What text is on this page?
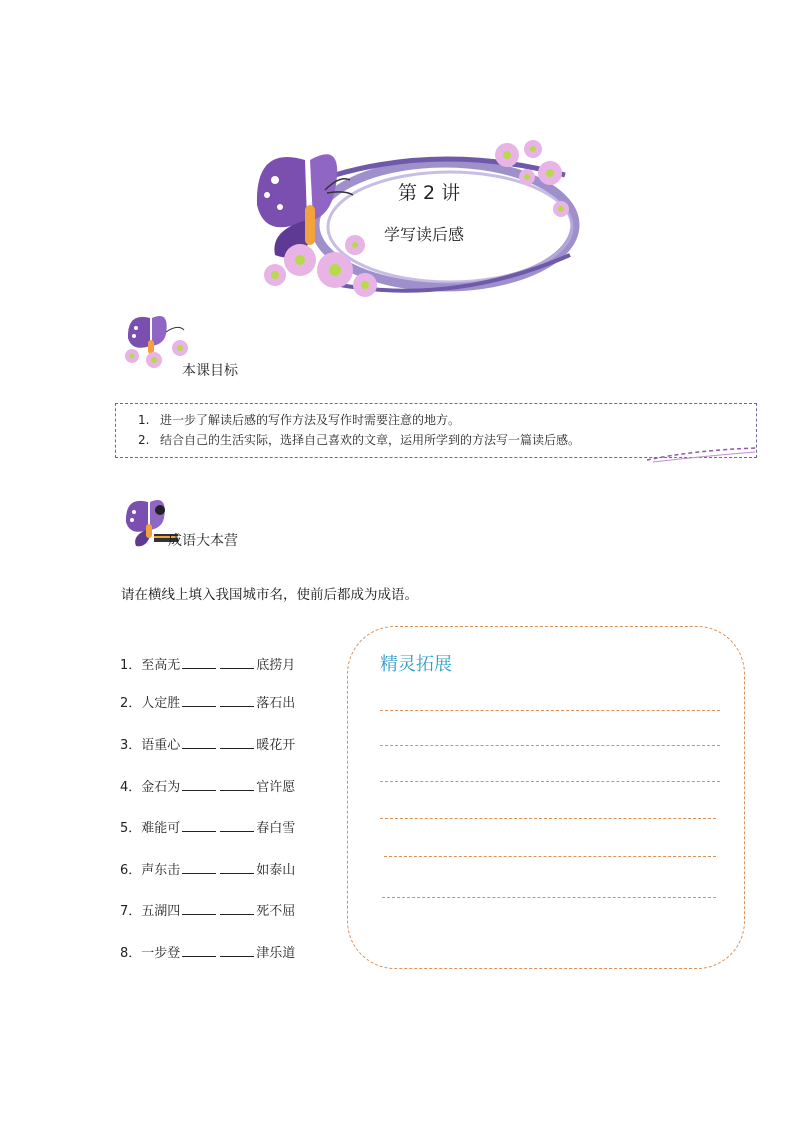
第 2 讲
学写读后感
本课目标
1. 进一步了解读后感的写作方法及写作时需要注意的地方。
2. 结合自己的生活实际，选择自己喜欢的文章，运用所学到的方法写一篇读后感。
成语大本营
请在横线上填入我国城市名，使前后都成为成语。
1．至高无	底捞月
2．人定胜	落石出
3．语重心	暖花开
4．金石为	官许愿
5．难能可	春白雪
6．声东击	如泰山
7．五湖四	死不屈
8．一步登	津乐道
精灵拓展
